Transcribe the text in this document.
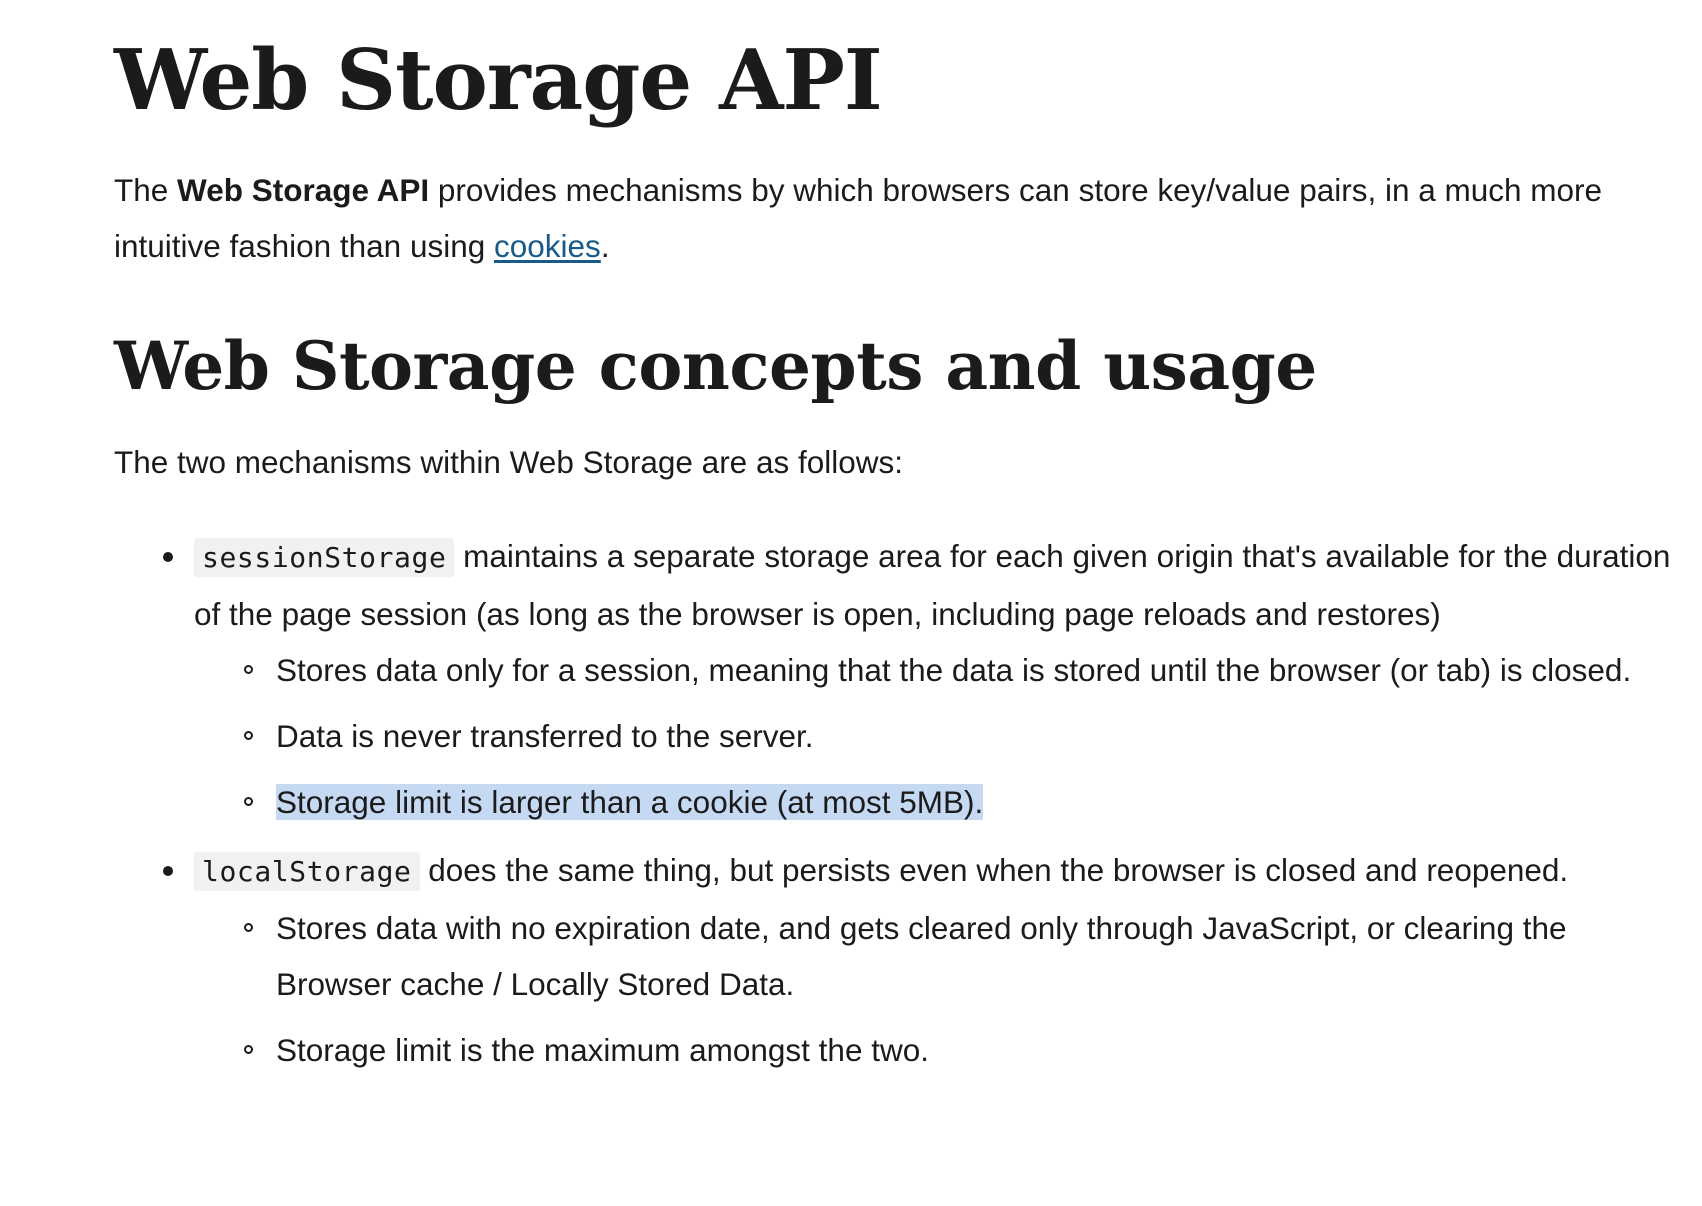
Web Storage API

The Web Storage API provides mechanisms by which browsers can store key/value pairs, in a much more intuitive fashion than using cookies.

Web Storage concepts and usage

The two mechanisms within Web Storage are as follows:

sessionStorage maintains a separate storage area for each given origin that's available for the duration of the page session (as long as the browser is open, including page reloads and restores)
Stores data only for a session, meaning that the data is stored until the browser (or tab) is closed.
Data is never transferred to the server.
Storage limit is larger than a cookie (at most 5MB).
localStorage does the same thing, but persists even when the browser is closed and reopened.
Stores data with no expiration date, and gets cleared only through JavaScript, or clearing the Browser cache / Locally Stored Data.
Storage limit is the maximum amongst the two.
